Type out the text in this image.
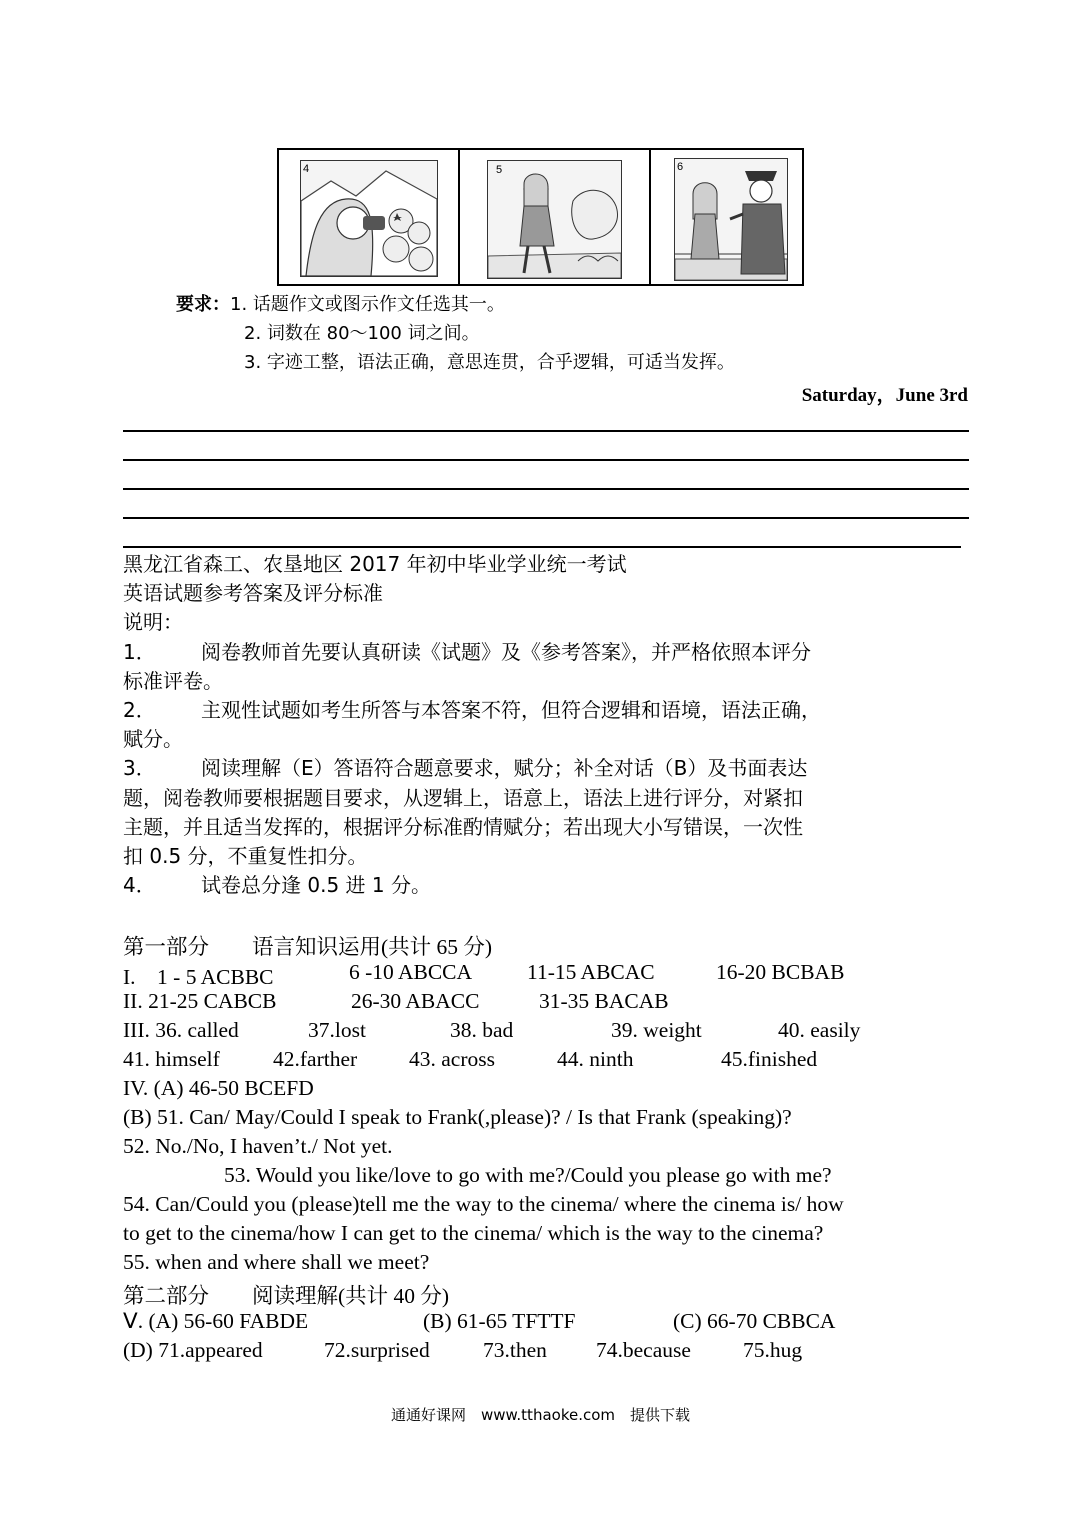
4	5	6
要求：1. 话题作文或图示作文任选其一。
2. 词数在 80～100 词之间。
3. 字迹工整，语法正确，意思连贯，合乎逻辑，可适当发挥。
Saturday，June 3rd
黑龙江省森工、农垦地区 2017 年初中毕业学业统一考试
英语试题参考答案及评分标准
说明：
1． 阅卷教师首先要认真研读《试题》及《参考答案》，并严格依照本评分
标准评卷。
2． 主观性试题如考生所答与本答案不符，但符合逻辑和语境，语法正确，
赋分。
3． 阅读理解（E）答语符合题意要求，赋分；补全对话（B）及书面表达
题，阅卷教师要根据题目要求，从逻辑上，语意上，语法上进行评分，对紧扣
主题，并且适当发挥的，根据评分标准酌情赋分；若出现大小写错误，一次性
扣 0.5 分，不重复性扣分。
4． 试卷总分逢 0.5 进 1 分。
第一部分　　语言知识运用(共计 65 分)
I.　1 - 5 ACBBC	6 -10 ABCCA	11-15 ABCAC	16-20 BCBAB
II. 21-25 CABCB	26-30 ABACC	31-35 BACAB
III. 36. called	37.lost	38. bad	39. weight	40. easily
41. himself 42.farther 43. across	44. ninth	45.finished
IV. (A) 46-50 BCEFD
(B) 51. Can/ May/Could I speak to Frank(,please)? / Is that Frank (speaking)?
52. No./No, I haven’t./ Not yet.
53. Would you like/love to go with me?/Could you please go with me?
54. Can/Could you (please)tell me the way to the cinema/ where the cinema is/ how
to get to the cinema/how I can get to the cinema/ which is the way to the cinema?
55. when and where shall we meet?
第二部分　　阅读理解(共计 40 分)
Ⅴ. (A) 56-60 FABDE	(B) 61-65 TFTTF	(C) 66-70 CBBCA
(D) 71.appeared	72.surprised 73.then 74.because 75.hug
通通好课网　www.tthaoke.com　提供下载
